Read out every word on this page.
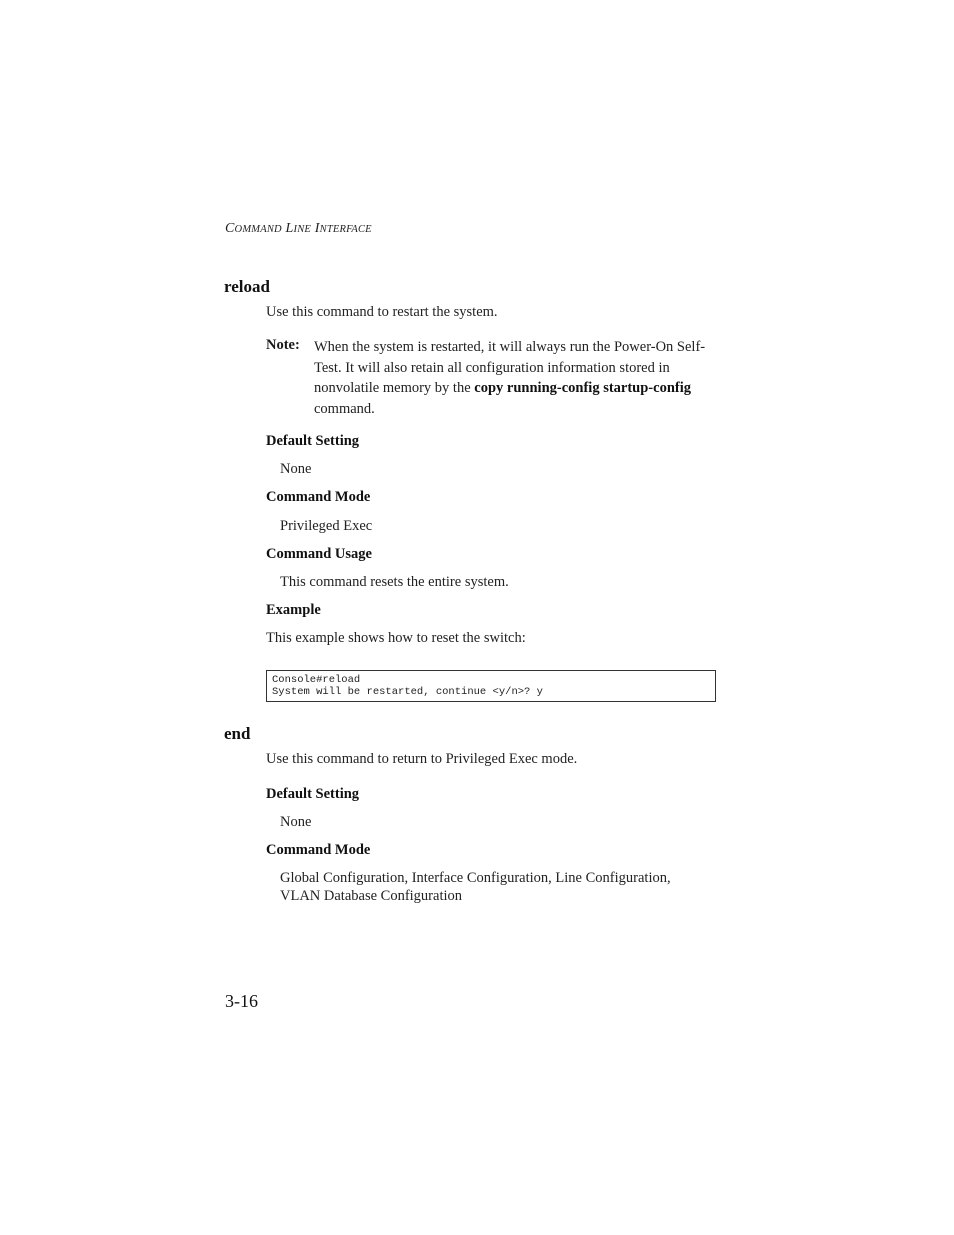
COMMAND LINE INTERFACE
reload
Use this command to restart the system.
Note: When the system is restarted, it will always run the Power-On Self-Test. It will also retain all configuration information stored in nonvolatile memory by the copy running-config startup-config command.
Default Setting
None
Command Mode
Privileged Exec
Command Usage
This command resets the entire system.
Example
This example shows how to reset the switch:
Console#reload
System will be restarted, continue <y/n>? y
end
Use this command to return to Privileged Exec mode.
Default Setting
None
Command Mode
Global Configuration, Interface Configuration, Line Configuration,
VLAN Database Configuration
3-16
